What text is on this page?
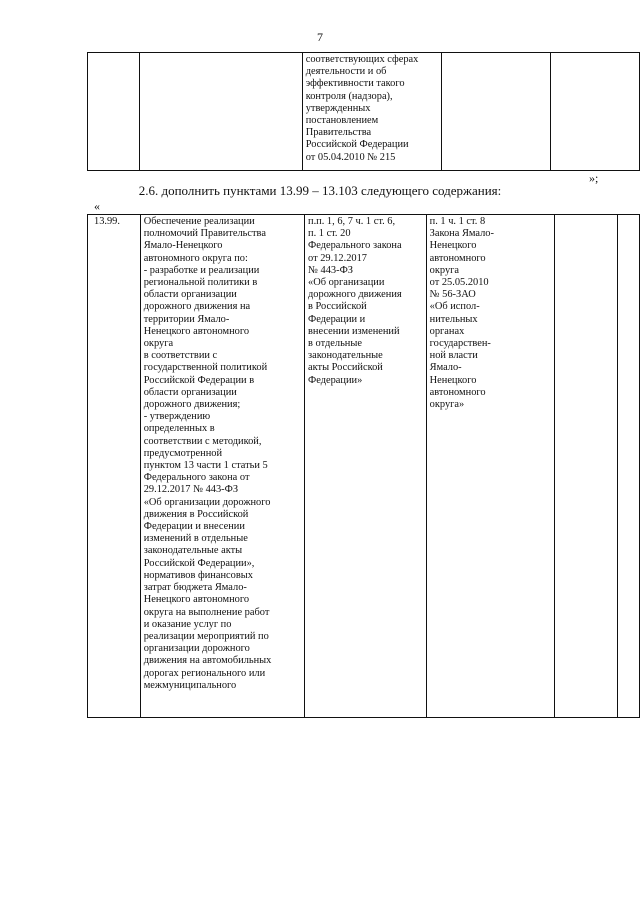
7

соответствующих сферах
деятельности и об
эффективности такого
контроля (надзора),
утвержденных
постановлением
Правительства
Российской Федерации
от 05.04.2010 № 215

»;
2.6. дополнить пунктами 13.99 – 13.103 следующего содержания:
«
13.99.	Обеспечение реализации
полномочий Правительства
Ямало-Ненецкого
автономного округа по:
- разработке и реализации
региональной политики в
области организации
дорожного движения на
территории Ямало-
Ненецкого автономного
округа
в соответствии с
государственной политикой
Российской Федерации в
области организации
дорожного движения;
- утверждению
определенных в
соответствии с методикой,
предусмотренной
пунктом 13 части 1 статьи 5
Федерального закона от
29.12.2017 № 443-ФЗ
«Об организации дорожного
движения в Российской
Федерации и внесении
изменений в отдельные
законодательные акты
Российской Федерации»,
нормативов финансовых
затрат бюджета Ямало-
Ненецкого автономного
округа на выполнение работ
и оказание услуг по
реализации мероприятий по
организации дорожного
движения на автомобильных
дорогах регионального или
межмуниципального

п.п. 1, 6, 7 ч. 1 ст. 6,
п. 1 ст. 20
Федерального закона
от 29.12.2017
№ 443-ФЗ
«Об организации
дорожного движения
в Российской
Федерации и
внесении изменений
в отдельные
законодательные
акты Российской
Федерации»

п. 1 ч. 1 ст. 8
Закона Ямало-
Ненецкого
автономного
округа
от 25.05.2010
№ 56-ЗАО
«Об испол-
нительных
органах
государствен-
ной власти
Ямало-
Ненецкого
автономного
округа»
